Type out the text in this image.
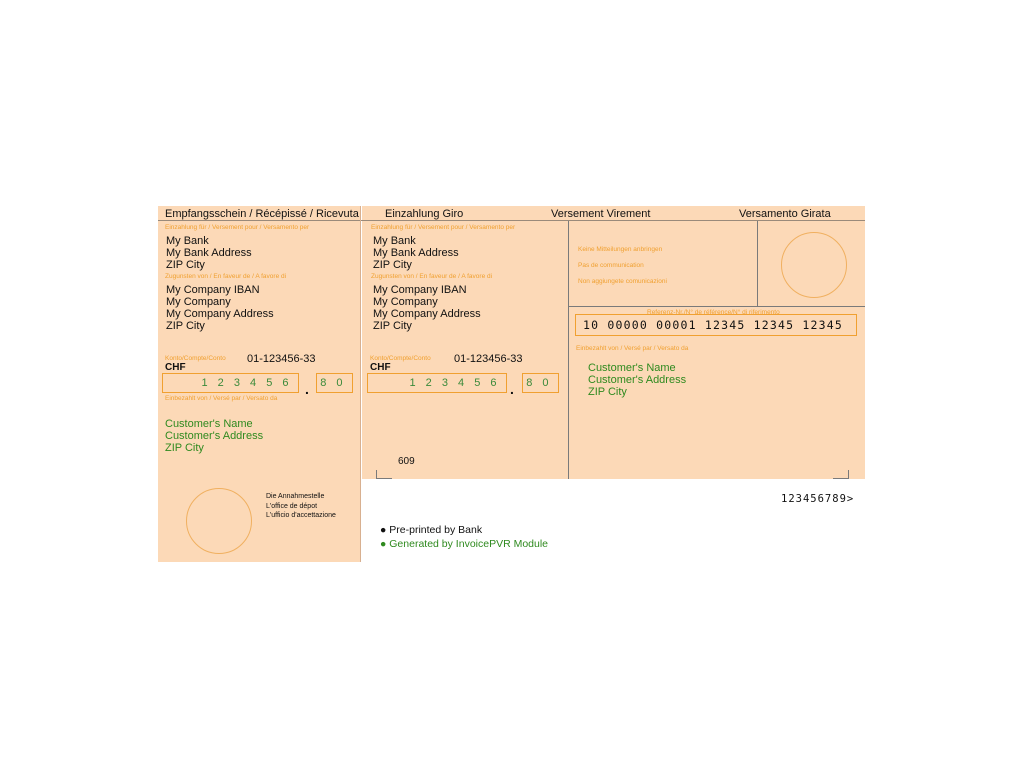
Empfangsschein / Récépissé / Ricevuta Einzahlung Giro	Versement Virement	Versamento Girata
Einzahlung für / Versement pour / Versamento per
My Bank
My Bank Address
ZIP City
Zugunsten von / En faveur de / A favore di
My Company IBAN
My Company
My Company Address
ZIP City
Konto/Compte/Conto 01-123456-33
CHF
1 2 3 4 5 6 .	8 0
Einbezahlt von / Versé par / Versato da
Customer's Name
Customer's Address
ZIP City
Die Annahmestelle
L'office de dépot
L'ufficio d'accettazione
Einzahlung für / Versement pour / Versamento per
My Bank
My Bank Address
ZIP City
Zugunsten von / En faveur de / A favore di
My Company IBAN
My Company
My Company Address
ZIP City
Konto/Compte/Conto 01-123456-33
CHF
1 2 3 4 5 6 .	8 0
609
Keine Mitteilungen anbringen
Pas de communication
Non aggiungete comunicazioni
Referenz-Nr./N° de référence/N° di riferimento
10 00000 00001 12345 12345 12345
Einbezahlt von / Versé par / Versato da
Customer's Name
Customer's Address
ZIP City
123456789>
● Pre-printed by Bank
● Generated by InvoicePVR Module
